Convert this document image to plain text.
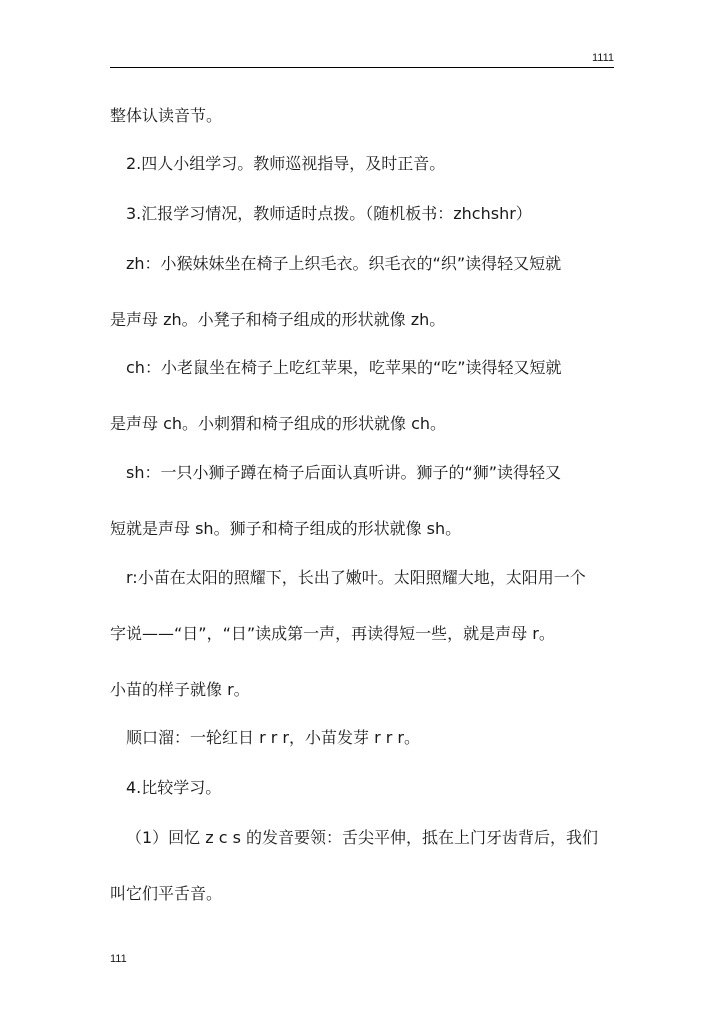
1111
整体认读音节。
2.四人小组学习。教师巡视指导，及时正音。
3.汇报学习情况，教师适时点拨。（随机板书：zhchshr）
zh：小猴妹妹坐在椅子上织毛衣。织毛衣的“织”读得轻又短就
是声母 zh。小凳子和椅子组成的形状就像 zh。
ch：小老鼠坐在椅子上吃红苹果，吃苹果的“吃”读得轻又短就
是声母 ch。小刺猬和椅子组成的形状就像 ch。
sh：一只小狮子蹲在椅子后面认真听讲。狮子的“狮”读得轻又
短就是声母 sh。狮子和椅子组成的形状就像 sh。
r:小苗在太阳的照耀下，长出了嫩叶。太阳照耀大地，太阳用一个
字说——“日”，“日”读成第一声，再读得短一些，就是声母 r。
小苗的样子就像 r。
顺口溜：一轮红日 r r r，小苗发芽 r r r。
4.比较学习。
（1）回忆 z c s 的发音要领：舌尖平伸，抵在上门牙齿背后，我们
叫它们平舌音。
111
